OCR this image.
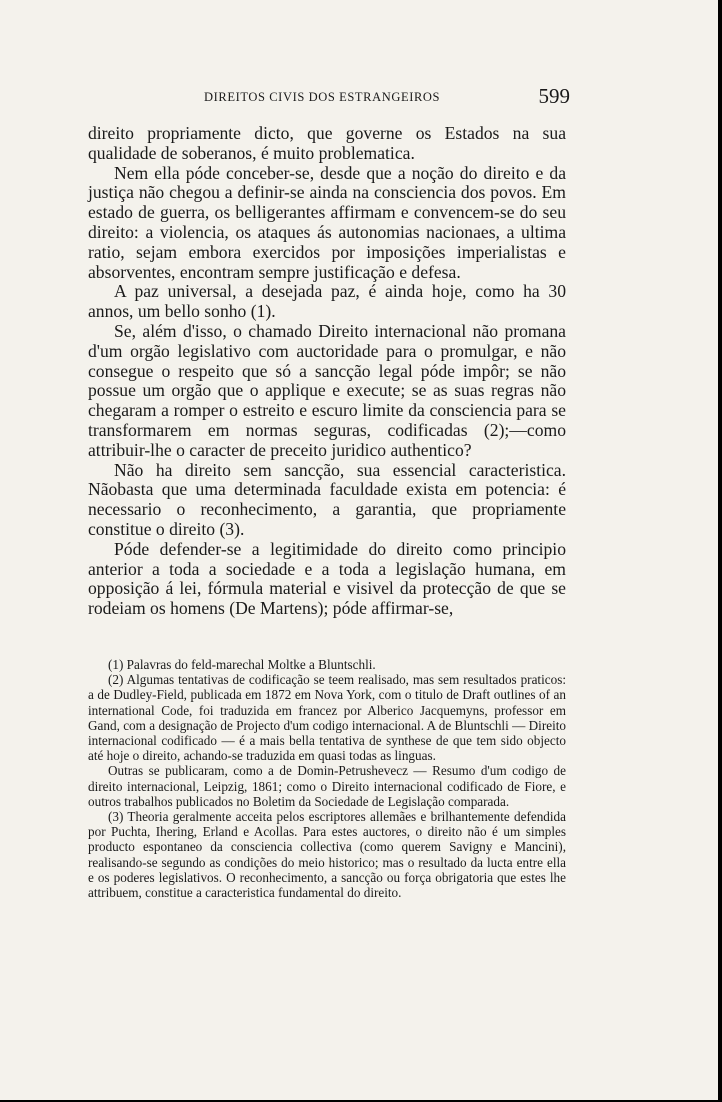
DIREITOS CIVIS DOS ESTRANGEIROS	599

direito propriamente dicto, que governe os Estados na sua qualidade de soberanos, é muito problematica.

Nem ella póde conceber-se, desde que a noção do direito e da justiça não chegou a definir-se ainda na consciencia dos povos. Em estado de guerra, os belligerantes affirmam e convencem-se do seu direito: a violencia, os ataques ás autonomias nacionaes, a ultima ratio, sejam embora exercidos por imposições imperialistas e absorventes, encontram sempre justificação e defesa.

A paz universal, a desejada paz, é ainda hoje, como ha 30 annos, um bello sonho (1).

Se, além d'isso, o chamado Direito internacional não promana d'um orgão legislativo com auctoridade para o promulgar, e não consegue o respeito que só a sancção legal póde impôr; se não possue um orgão que o applique e execute; se as suas regras não chegaram a romper o estreito e escuro limite da consciencia para se transformarem em normas seguras, codificadas (2);—como attribuir-lhe o caracter de preceito juridico authentico?

Não ha direito sem sancção, sua essencial caracteristica. Nãobasta que uma determinada faculdade exista em potencia: é necessario o reconhecimento, a garantia, que propriamente constitue o direito (3).

Póde defender-se a legitimidade do direito como principio anterior a toda a sociedade e a toda a legislação humana, em opposição á lei, fórmula material e visivel da protecção de que se rodeiam os homens (De Martens); póde affirmar-se,

(1) Palavras do feld-marechal Moltke a Bluntschli.

(2) Algumas tentativas de codificação se teem realisado, mas sem resultados praticos: a de Dudley-Field, publicada em 1872 em Nova York, com o titulo de Draft outlines of an international Code, foi traduzida em francez por Alberico Jacquemyns, professor em Gand, com a designação de Projecto d'um codigo internacional. A de Bluntschli — Direito internacional codificado — é a mais bella tentativa de synthese de que tem sido objecto até hoje o direito, achando-se traduzida em quasi todas as linguas.

Outras se publicaram, como a de Domin-Petrushevecz — Resumo d'um codigo de direito internacional, Leipzig, 1861; como o Direito internacional codificado de Fiore, e outros trabalhos publicados no Boletim da Sociedade de Legislação comparada.

(3) Theoria geralmente acceita pelos escriptores allemães e brilhantemente defendida por Puchta, Ihering, Erland e Acollas. Para estes auctores, o direito não é um simples producto espontaneo da consciencia collectiva (como querem Savigny e Mancini), realisando-se segundo as condições do meio historico; mas o resultado da lucta entre ella e os poderes legislativos. O reconhecimento, a sancção ou força obrigatoria que estes lhe attribuem, constitue a caracteristica fundamental do direito.
